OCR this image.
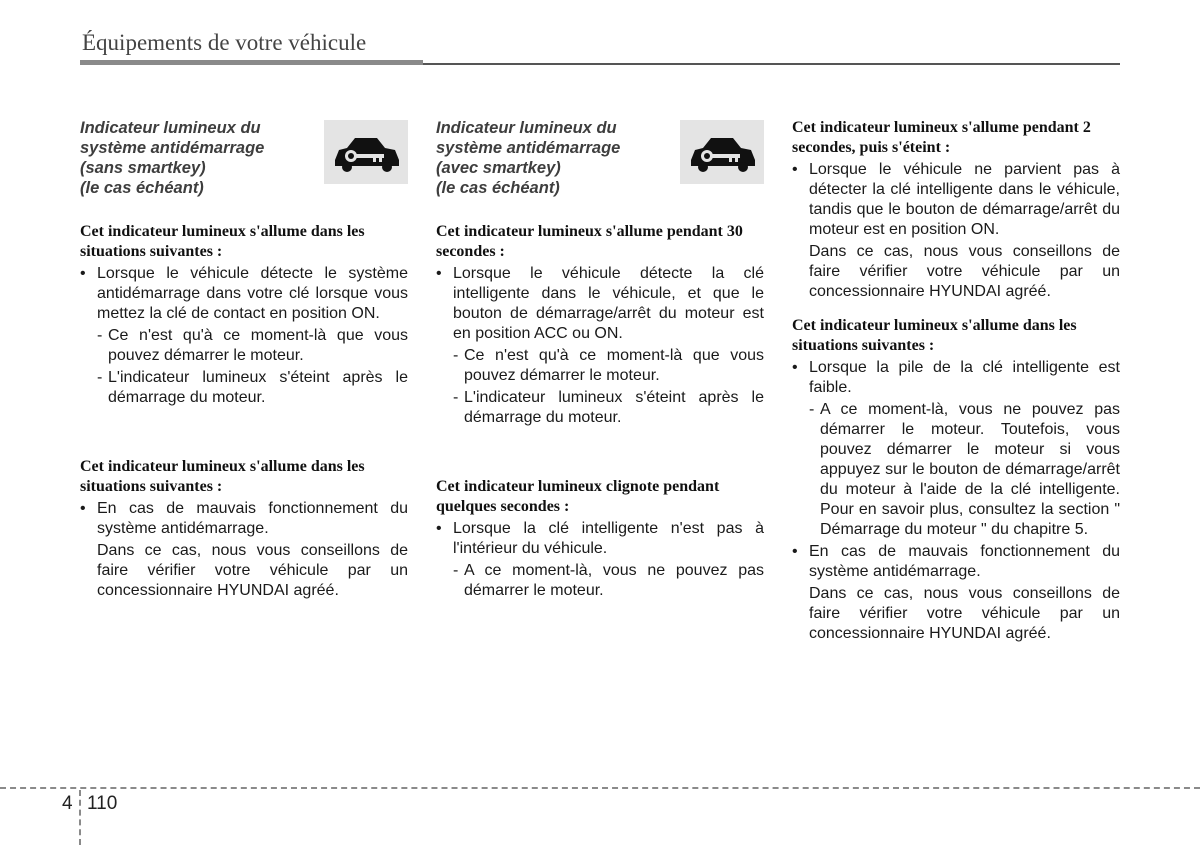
Équipements de votre véhicule
Indicateur lumineux du
système antidémarrage
(sans smartkey)
(le cas échéant)
Cet indicateur lumineux s'allume dans les situations suivantes :

• Lorsque le véhicule détecte le système antidémarrage dans votre clé lorsque vous mettez la clé de contact en position ON.

- Ce n'est qu'à ce moment-là que vous pouvez démarrer le moteur.

- L'indicateur lumineux s'éteint après le démarrage du moteur.

Cet indicateur lumineux s'allume dans les situations suivantes :

• En cas de mauvais fonctionnement du système antidémarrage.

Dans ce cas, nous vous conseillons de faire vérifier votre véhicule par un concessionnaire HYUNDAI agréé.

Indicateur lumineux du
système antidémarrage
(avec smartkey)
(le cas échéant)
Cet indicateur lumineux s'allume pendant 30 secondes :

• Lorsque le véhicule détecte la clé intelligente dans le véhicule, et que le bouton de démarrage/arrêt du moteur est en position ACC ou ON.

- Ce n'est qu'à ce moment-là que vous pouvez démarrer le moteur.

- L'indicateur lumineux s'éteint après le démarrage du moteur.

Cet indicateur lumineux clignote pendant quelques secondes :

• Lorsque la clé intelligente n'est pas à l'intérieur du véhicule.

- A ce moment-là, vous ne pouvez pas démarrer le moteur.

Cet indicateur lumineux s'allume pendant 2 secondes, puis s'éteint :

• Lorsque le véhicule ne parvient pas à détecter la clé intelligente dans le véhicule, tandis que le bouton de démarrage/arrêt du moteur est en position ON.

Dans ce cas, nous vous conseillons de faire vérifier votre véhicule par un concessionnaire HYUNDAI agréé.

Cet indicateur lumineux s'allume dans les situations suivantes :

• Lorsque la pile de la clé intelligente est faible.

- A ce moment-là, vous ne pouvez pas démarrer le moteur. Toutefois, vous pouvez démarrer le moteur si vous appuyez sur le bouton de démarrage/arrêt du moteur à l'aide de la clé intelligente. Pour en savoir plus, consultez la section " Démarrage du moteur " du chapitre 5.

• En cas de mauvais fonctionnement du système antidémarrage.

Dans ce cas, nous vous conseillons de faire vérifier votre véhicule par un concessionnaire HYUNDAI agréé.

4 110
